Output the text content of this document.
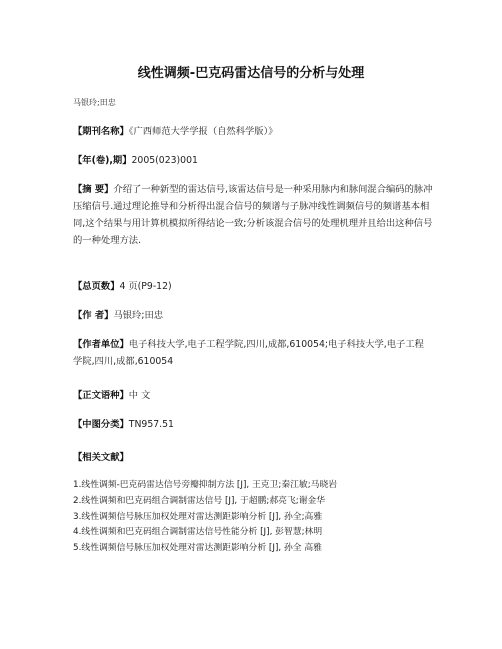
线性调频-巴克码雷达信号的分析与处理
马银玲;田忠
【期刊名称】《广西师范大学学报（自然科学版）》
【年(卷),期】2005(023)001
【摘 要】介绍了一种新型的雷达信号,该雷达信号是一种采用脉内和脉间混合编码的脉冲压缩信号.通过理论推导和分析得出混合信号的频谱与子脉冲线性调频信号的频谱基本相同,这个结果与用计算机模拟所得结论一致;分析该混合信号的处理机理并且给出这种信号的一种处理方法.
【总页数】4 页(P9-12)
【作 者】马银玲;田忠
【作者单位】电子科技大学,电子工程学院,四川,成都,610054;电子科技大学,电子工程学院,四川,成都,610054
【正文语种】中 文
【中图分类】TN957.51
【相关文献】
1.线性调频-巴克码雷达信号旁瓣抑制方法 [J], 王克卫;秦江敏;马晓岩
2.线性调频和巴克码组合调制雷达信号 [J], 于超鹏;郝亮飞;谢金华
3.线性调频信号脉压加权处理对雷达测距影响分析 [J], 孙全;高雅
4.线性调频和巴克码组合调制雷达信号性能分析 [J], 彭智慧;林明
5.线性调频信号脉压加权处理对雷达测距影响分析 [J], 孙全 高雅
